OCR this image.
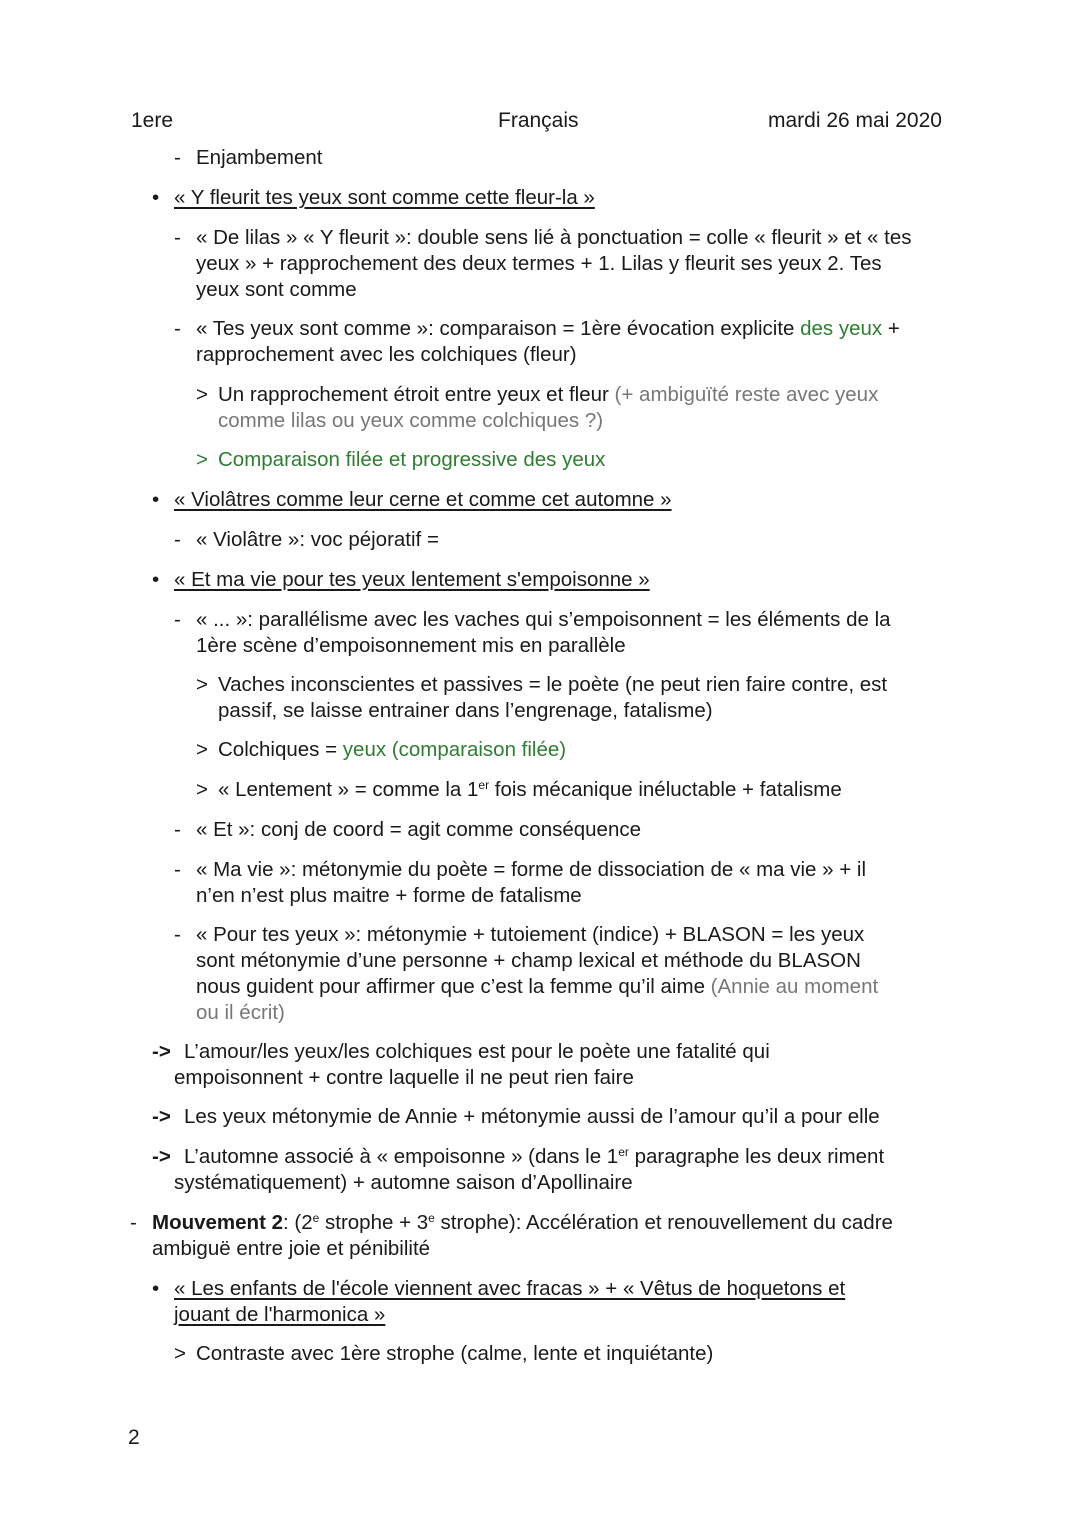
1ere	Français	mardi 26 mai 2020
- Enjambement
• « Y fleurit tes yeux sont comme cette fleur-la »
- « De lilas » « Y fleurit »: double sens lié à ponctuation = colle « fleurit » et « tes
yeux » + rapprochement des deux termes + 1. Lilas y fleurit ses yeux 2. Tes
yeux sont comme
- « Tes yeux sont comme »: comparaison = 1ère évocation explicite des yeux +
rapprochement avec les colchiques (fleur)
> Un rapprochement étroit entre yeux et fleur (+ ambiguïté reste avec yeux
comme lilas ou yeux comme colchiques ?)
> Comparaison filée et progressive des yeux
• « Violâtres comme leur cerne et comme cet automne »
- « Violâtre »: voc péjoratif =
• « Et ma vie pour tes yeux lentement s'empoisonne »
- « ... »: parallélisme avec les vaches qui s’empoisonnent = les éléments de la
1ère scène d’empoisonnement mis en parallèle
> Vaches inconscientes et passives = le poète (ne peut rien faire contre, est
passif, se laisse entrainer dans l’engrenage, fatalisme)
> Colchiques = yeux (comparaison filée)
> « Lentement » = comme la 1er fois mécanique inéluctable + fatalisme
- « Et »: conj de coord = agit comme conséquence
- « Ma vie »: métonymie du poète = forme de dissociation de « ma vie » + il
n’en n’est plus maitre + forme de fatalisme
- « Pour tes yeux »: métonymie + tutoiement (indice) + BLASON = les yeux
sont métonymie d’une personne + champ lexical et méthode du BLASON
nous guident pour affirmer que c’est la femme qu’il aime (Annie au moment
ou il écrit)
-> L’amour/les yeux/les colchiques est pour le poète une fatalité qui
empoisonnent + contre laquelle il ne peut rien faire
-> Les yeux métonymie de Annie + métonymie aussi de l’amour qu’il a pour elle
-> L’automne associé à « empoisonne » (dans le 1er paragraphe les deux riment
systématiquement) + automne saison d’Apollinaire
- Mouvement 2: (2e strophe + $3^e$ strophe): Accélération et renouvellement du cadre
ambiguë entre joie et pénibilité
• « Les enfants de l'école viennent avec fracas » + « Vêtus de hoquetons et
jouant de l'harmonica »
> Contraste avec 1ère strophe (calme, lente et inquiétante)
2
